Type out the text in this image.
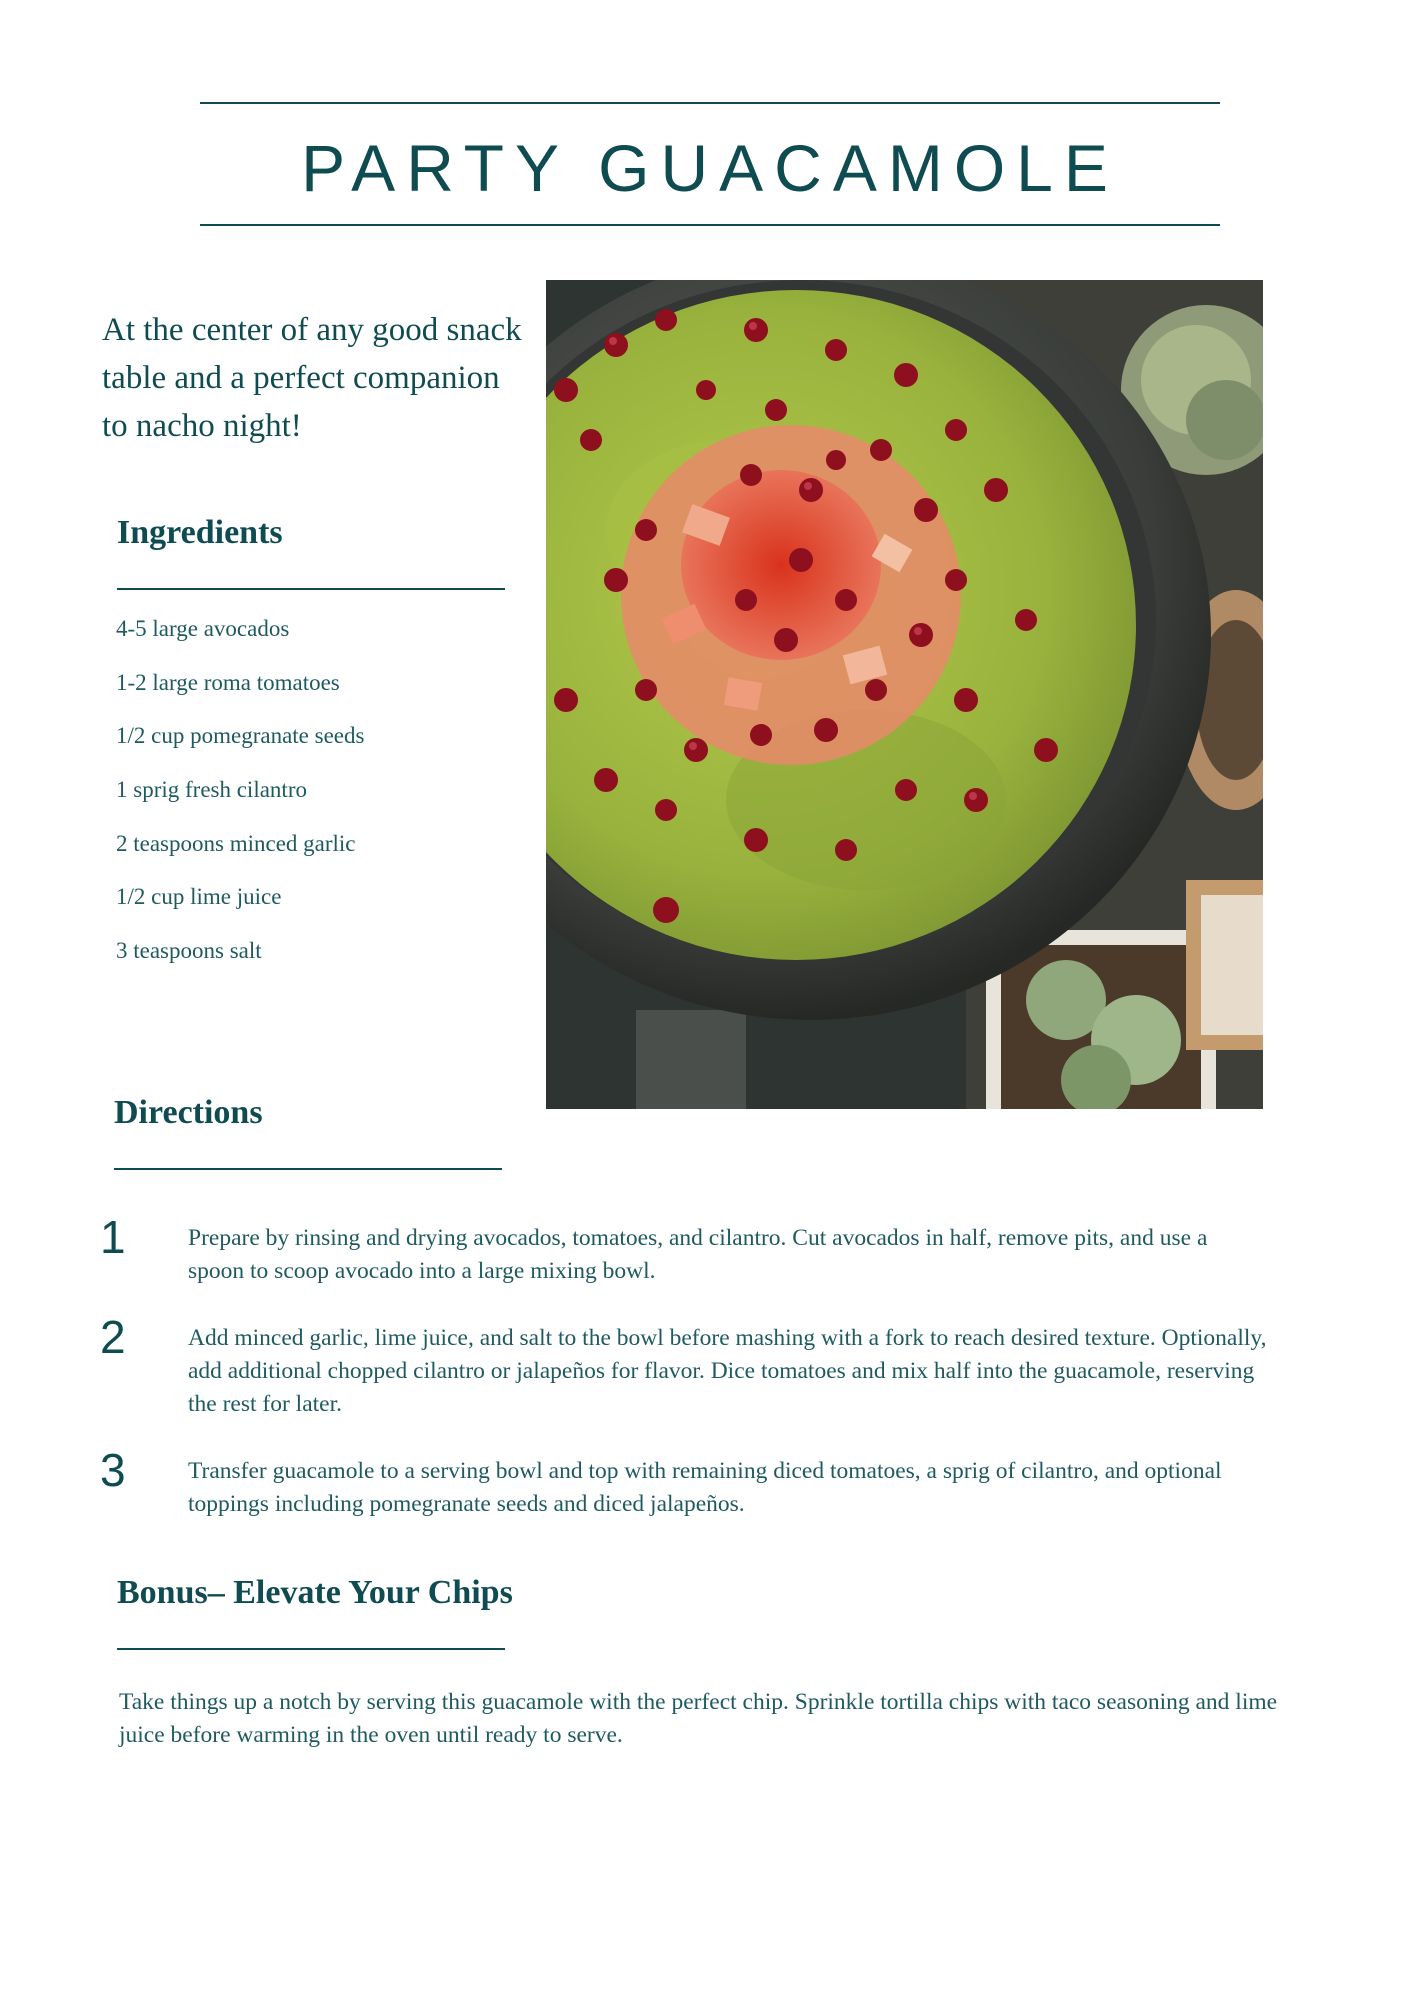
PARTY GUACAMOLE
At the center of any good snack table and a perfect companion to nacho night!
Ingredients
4-5 large avocados
1-2 large roma tomatoes
1/2 cup pomegranate seeds
1 sprig fresh cilantro
2 teaspoons minced garlic
1/2 cup lime juice
3 teaspoons salt
Directions
1	Prepare by rinsing and drying avocados, tomatoes, and cilantro. Cut avocados in half, remove pits, and use a spoon to scoop avocado into a large mixing bowl.
2	Add minced garlic, lime juice, and salt to the bowl before mashing with a fork to reach desired texture. Optionally, add additional chopped cilantro or jalapeños for flavor. Dice tomatoes and mix half into the guacamole, reserving the rest for later.
3	Transfer guacamole to a serving bowl and top with remaining diced tomatoes, a sprig of cilantro, and optional toppings including pomegranate seeds and diced jalapeños.
Bonus– Elevate Your Chips
Take things up a notch by serving this guacamole with the perfect chip. Sprinkle tortilla chips with taco seasoning and lime juice before warming in the oven until ready to serve.
